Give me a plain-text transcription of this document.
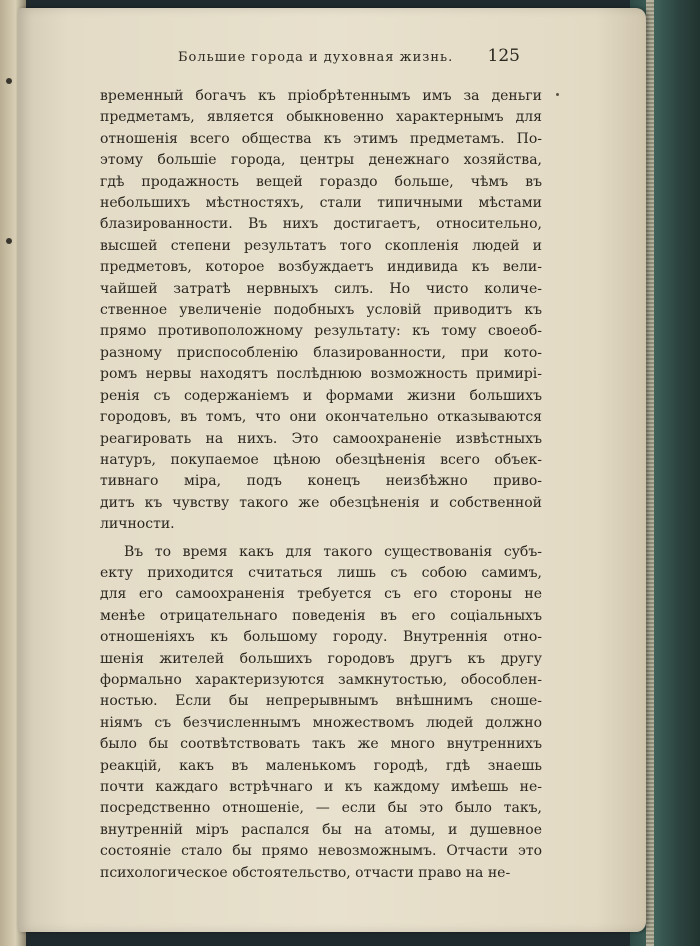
Большие города и духовная жизнь. 125
временный богачъ къ пріобрѣтеннымъ имъ за деньги
предметамъ, является обыкновенно характернымъ для
отношенія всего общества къ этимъ предметамъ. По-
этому большіе города, центры денежнаго хозяйства,
гдѣ продажность вещей гораздо больше, чѣмъ въ
небольшихъ мѣстностяхъ, стали типичными мѣстами
блазированности. Въ нихъ достигаетъ, относительно,
высшей степени результатъ того скопленія людей и
предметовъ, которое возбуждаетъ индивида къ вели-
чайшей затратѣ нервныхъ силъ. Но чисто количе-
ственное увеличеніе подобныхъ условій приводитъ къ
прямо противоположному результату: къ тому своеоб-
разному приспособленію блазированности, при кото-
ромъ нервы находятъ послѣднюю возможность примирі-
ренія съ содержаніемъ и формами жизни большихъ
городовъ, въ томъ, что они окончательно отказываются
реагировать на нихъ. Это самоохраненіе извѣстныхъ
натуръ, покупаемое цѣною обезцѣненія всего объек-
тивнаго міра, подъ конецъ неизбѣжно приво-
дитъ къ чувству такого же обезцѣненія и собственной
личности.
Въ то время какъ для такого существованія субъ-
екту приходится считаться лишь съ собою самимъ,
для его самоохраненія требуется съ его стороны не
менѣе отрицательнаго поведенія въ его соціальныхъ
отношеніяхъ къ большому городу. Внутреннія отно-
шенія жителей большихъ городовъ другъ къ другу
формально характеризуются замкнутостью, обособлен-
ностью. Если бы непрерывнымъ внѣшнимъ сноше-
ніямъ съ безчисленнымъ множествомъ людей должно
было бы соотвѣтствовать такъ же много внутреннихъ
реакцій, какъ въ маленькомъ городѣ, гдѣ знаешь
почти каждаго встрѣчнаго и къ каждому имѣешь не-
посредственно отношеніе, — если бы это было такъ,
внутренній міръ распался бы на атомы, и душевное
состояніе стало бы прямо невозможнымъ. Отчасти это
психологическое обстоятельство, отчасти право на не-
